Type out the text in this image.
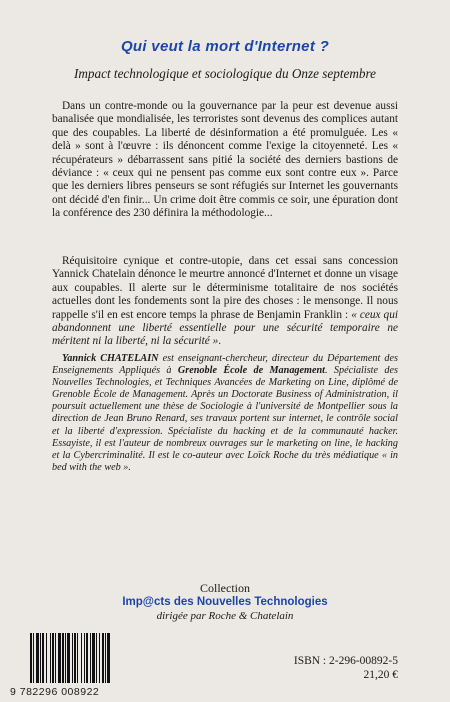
Qui veut la mort d'Internet ?
Impact technologique et sociologique du Onze septembre

Dans un contre-monde ou la gouvernance par la peur est devenue aussi banalisée que mondialisée, les terroristes sont devenus des complices autant que des coupables. La liberté de désinformation a été promulguée. Les « delà » sont à l'œuvre : ils dénoncent comme l'exige la citoyenneté. Les « récupérateurs » débarrassent sans pitié la société des derniers bastions de déviance : « ceux qui ne pensent pas comme eux sont contre eux ». Parce que les derniers libres penseurs se sont réfugiés sur Internet les gouvernants ont décidé d'en finir... Un crime doit être commis ce soir, une épuration dont la conférence des 230 définira la méthodologie...

Réquisitoire cynique et contre-utopie, dans cet essai sans concession Yannick Chatelain dénonce le meurtre annoncé d'Internet et donne un visage aux coupables. Il alerte sur le déterminisme totalitaire de nos sociétés actuelles dont les fondements sont la pire des choses : le mensonge. Il nous rappelle s'il en est encore temps la phrase de Benjamin Franklin : « ceux qui abandonnent une liberté essentielle pour une sécurité temporaire ne méritent ni la liberté, ni la sécurité ».

Yannick CHATELAIN est enseignant-chercheur, directeur du Département des Enseignements Appliqués à Grenoble École de Management. Spécialiste des Nouvelles Technologies, et Techniques Avancées de Marketing on Line, diplômé de Grenoble École de Management. Après un Doctorate Business of Administration, il poursuit actuellement une thèse de Sociologie à l'université de Montpellier sous la direction de Jean Bruno Renard, ses travaux portent sur internet, le contrôle social et la liberté d'expression. Spécialiste du hacking et de la communauté hacker. Essayiste, il est l'auteur de nombreux ouvrages sur le marketing on line, le hacking et la Cybercriminalité. Il est le co-auteur avec Loïck Roche du très médiatique « in bed with the web ».

Collection
Imp@cts des Nouvelles Technologies
dirigée par Roche & Chatelain
9 782296 008922
ISBN : 2-296-00892-5
21,20 €
